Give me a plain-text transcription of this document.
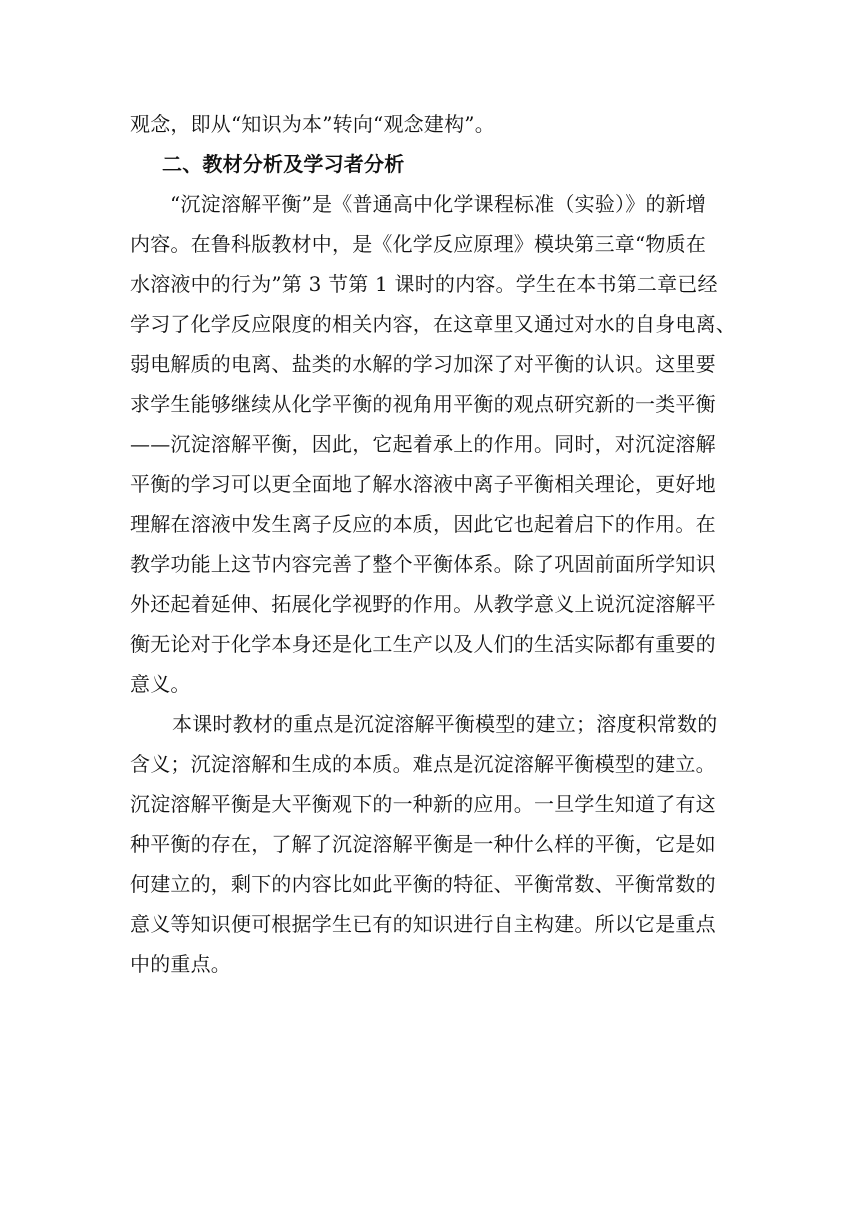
观念，即从“知识为本”转向“观念建构”。
二、教材分析及学习者分析
“沉淀溶解平衡”是《普通高中化学课程标准（实验）》的新增
内容。在鲁科版教材中，是《化学反应原理》模块第三章“物质在
水溶液中的行为”第 3 节第 1 课时的内容。学生在本书第二章已经
学习了化学反应限度的相关内容，在这章里又通过对水的自身电离、
弱电解质的电离、盐类的水解的学习加深了对平衡的认识。这里要
求学生能够继续从化学平衡的视角用平衡的观点研究新的一类平衡
——沉淀溶解平衡，因此，它起着承上的作用。同时，对沉淀溶解
平衡的学习可以更全面地了解水溶液中离子平衡相关理论，更好地
理解在溶液中发生离子反应的本质，因此它也起着启下的作用。在
教学功能上这节内容完善了整个平衡体系。除了巩固前面所学知识
外还起着延伸、拓展化学视野的作用。从教学意义上说沉淀溶解平
衡无论对于化学本身还是化工生产以及人们的生活实际都有重要的
意义。
本课时教材的重点是沉淀溶解平衡模型的建立；溶度积常数的
含义；沉淀溶解和生成的本质。难点是沉淀溶解平衡模型的建立。
沉淀溶解平衡是大平衡观下的一种新的应用。一旦学生知道了有这
种平衡的存在，了解了沉淀溶解平衡是一种什么样的平衡，它是如
何建立的，剩下的内容比如此平衡的特征、平衡常数、平衡常数的
意义等知识便可根据学生已有的知识进行自主构建。所以它是重点
中的重点。
